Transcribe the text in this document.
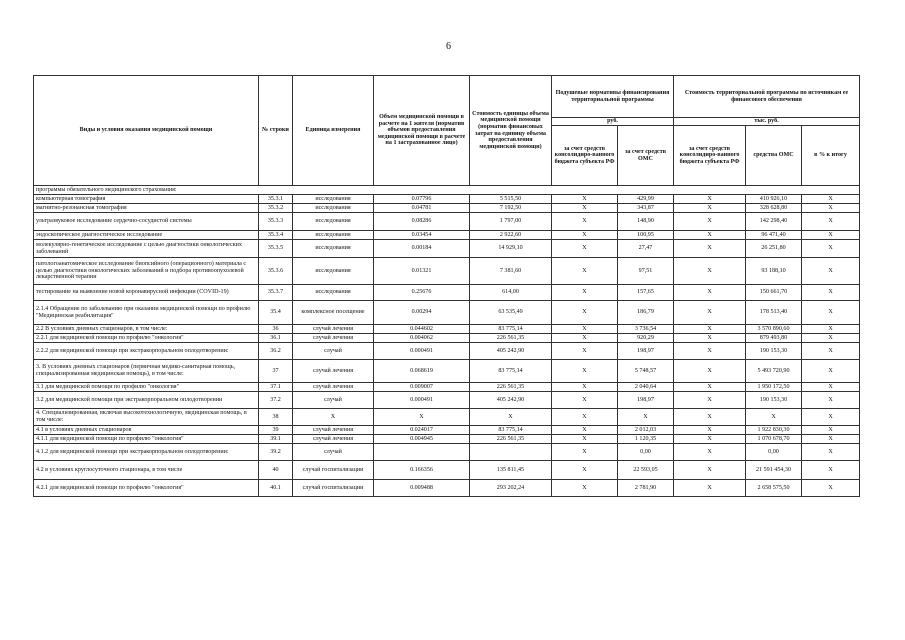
6
Виды и условия оказания медицинской помощи	№ строки	Единица измерения	Объем медицинской помощи в расчете на 1 жителя (норматив объемов предоставления медицинской помощи в расчете на 1 застрахованное лицо)	Стоимость единицы объема медицинской помощи (норматив финансовых затрат на единицу объема предоставления медицинской помощи)	Подушевые нормативы финансирования территориальной программы		Стоимость территориальной программы по источникам ее финансового обеспечения		
					руб.		тыс. руб.		
					за счет средств консолидиро-ванного бюджета субъекта РФ	за счет средств ОМС	за счет средств консолидиро-ванного бюджета субъекта РФ	средства ОМС	в % к итогу
программы обязательного медицинского страхования:									
компьютерная томография	35.3.1	исследования	0.07796	5 515,50	X	429,99	X	410 926,10	X
магнитно-резонансная томография	35.3.2	исследования	0.04781	7 192,50	X	343,87	X	328 628,80	X
ультразвуковое исследование сердечно-сосудистой системы	35.3.3	исследования	0.08286	1 797,00	X	148,90	X	142 298,40	X
эндоскопическое диагностическое исследование	35.3.4	исследования	0.03454	2 922,60	X	100,95	X	96 471,40	X
молекулярно-генетическое исследование с целью диагностики онкологических заболеваний	35.3.5	исследования	0.00184	14 929,10	X	27,47	X	26 251,80	X
патологоанатомическое исследование биопсийного (операционного) материала с целью диагностики онкологических заболеваний и подбора противоопухолевой лекарственной терапии	35.3.6	исследования	0.01321	7 381,60	X	97,51	X	93 188,10	X
тестирование на выявление новой коронавирусной инфекции (COVID-19)	35.3.7	исследования	0.25676	614,00	X	157,65	X	150 661,70	X
2.1.4 Обращение по заболеванию при оказании медицинской помощи по профилю "Медицинская реабилитация"	35.4	комплексное посещение	0.00294	63 535,49	X	186,79	X	178 513,40	X
2.2 В условиях дневных стационаров, в том числе:	36	случай лечения	0.044602	83 775,14	X	3 736,54	X	3 570 890,60	X
2.2.1 для медицинской помощи по профилю "онкология"	36.1	случай лечения	0.004062	226 561,35	X	920,29	X	879 493,80	X
2.2.2 для медицинской помощи при экстракорпоральном оплодотворении:	36.2	случай	0.000491	405 242,90	X	198,97	X	190 153,30	X
3. В условиях дневных стационаров (первичная медико-санитарная помощь, специализированная медицинская помощь), в том числе:	37	случай лечения	0.068619	83 775,14	X	5 748,57	X	5 493 720,90	X
3.1 для медицинской помощи по профилю "онкология"	37.1	случай лечения	0.009007	226 561,35	X	2 040,64	X	1 950 172,50	X
3.2 для медицинской помощи при экстракорпоральном оплодотворении	37.2	случай	0.000491	405 242,90	X	198,97	X	190 153,30	X
4. Специализированная, включая высокотехнологичную, медицинская помощь, в том числе:	38	X	X	X	X	X	X	X	X
4.1 в условиях дневных стационаров	39	случай лечения	0.024017	83 775,14	X	2 012,03	X	1 922 830,30	X
4.1.1 для медицинской помощи по профилю "онкология"	39.1	случай лечения	0.004945	226 561,35	X	1 120,35	X	1 070 678,70	X
4.1.2 для медицинской помощи при экстракорпоральном оплодотворении:	39.2	случай			X	0,00	X	0,00	X
4.2 в условиях круглосуточного стационара, в том числе	40	случай госпитализации	0.166356	135 811,45	X	22 593,05	X	21 591 454,30	X
4.2.1 для медицинской помощи по профилю "онкология"	40.1	случай госпитализации	0.009488	293 202,24	X	2 781,90	X	2 658 575,50	X
